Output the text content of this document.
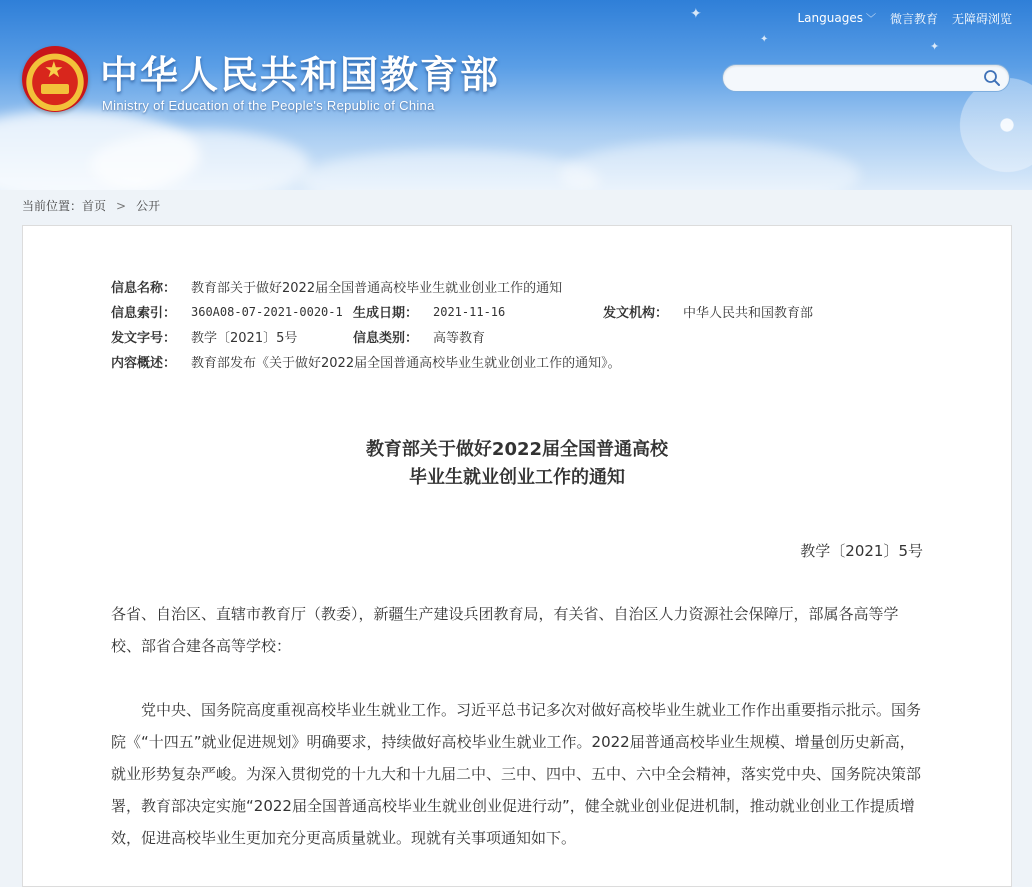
✦
✦
✦
★ 中华人民共和国教育部
Ministry of Education of the People's Republic of China
Languages ﹀ 微言教育 无障碍浏览
当前位置：首页 > 公开
信息名称：	教育部关于做好2022届全国普通高校毕业生就业创业工作的通知
信息索引：	360A08-07-2021-0020-1 生成日期：	2021-11-16	发文机构：	中华人民共和国教育部
发文字号：	教学〔2021〕5号	信息类别：	高等教育
内容概述：	教育部发布《关于做好2022届全国普通高校毕业生就业创业工作的通知》。
教育部关于做好2022届全国普通高校
毕业生就业创业工作的通知
教学〔2021〕5号
各省、自治区、直辖市教育厅（教委），新疆生产建设兵团教育局，有关省、自治区人力资源社会保障厅，部属各高等学校、部省合建各高等学校：
党中央、国务院高度重视高校毕业生就业工作。习近平总书记多次对做好高校毕业生就业工作作出重要指示批示。国务院《“十四五”就业促进规划》明确要求，持续做好高校毕业生就业工作。2022届普通高校毕业生规模、增量创历史新高，就业形势复杂严峻。为深入贯彻党的十九大和十九届二中、三中、四中、五中、六中全会精神，落实党中央、国务院决策部署，教育部决定实施“2022届全国普通高校毕业生就业创业促进行动”，健全就业创业促进机制，推动就业创业工作提质增效，促进高校毕业生更加充分更高质量就业。现就有关事项通知如下。
